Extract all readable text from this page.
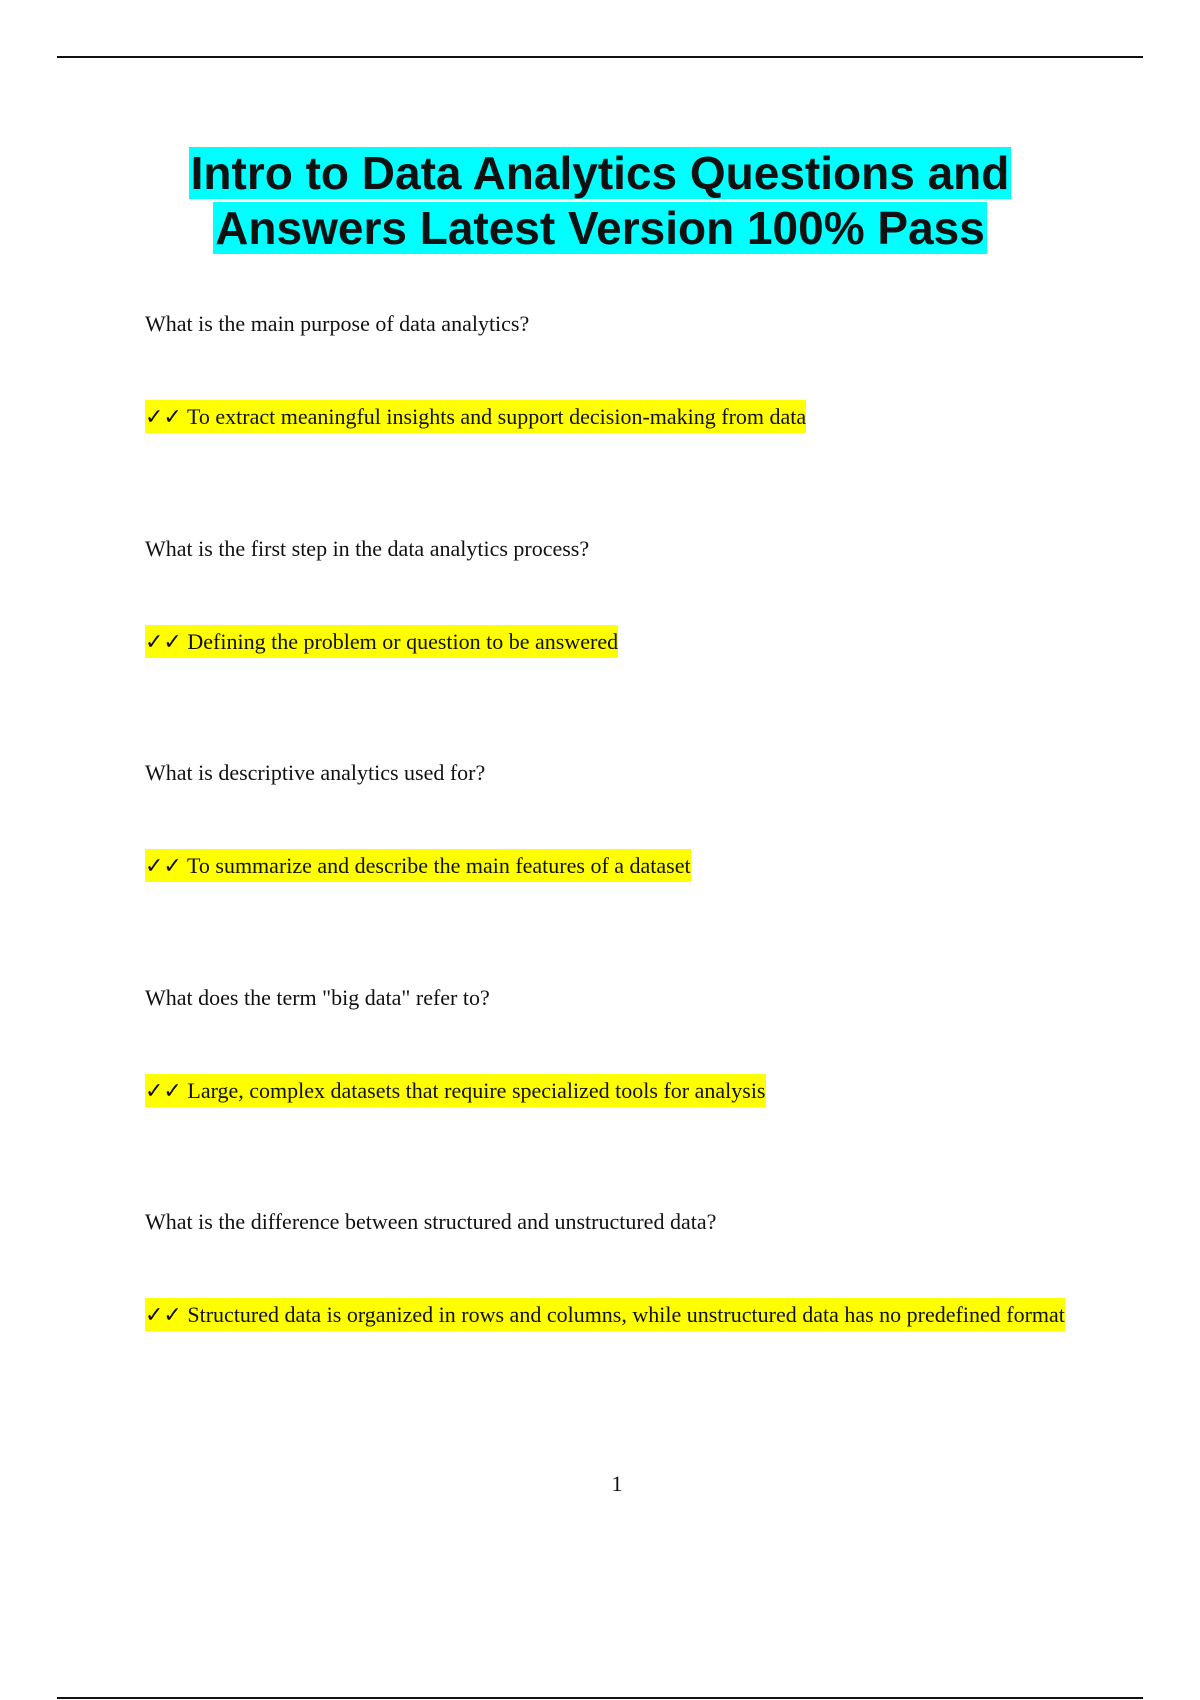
Intro to Data Analytics Questions and Answers Latest Version 100% Pass

What is the main purpose of data analytics?

✓✓ To extract meaningful insights and support decision-making from data

What is the first step in the data analytics process?

✓✓ Defining the problem or question to be answered

What is descriptive analytics used for?

✓✓ To summarize and describe the main features of a dataset

What does the term "big data" refer to?

✓✓ Large, complex datasets that require specialized tools for analysis

What is the difference between structured and unstructured data?

✓✓ Structured data is organized in rows and columns, while unstructured data has no predefined format

1
